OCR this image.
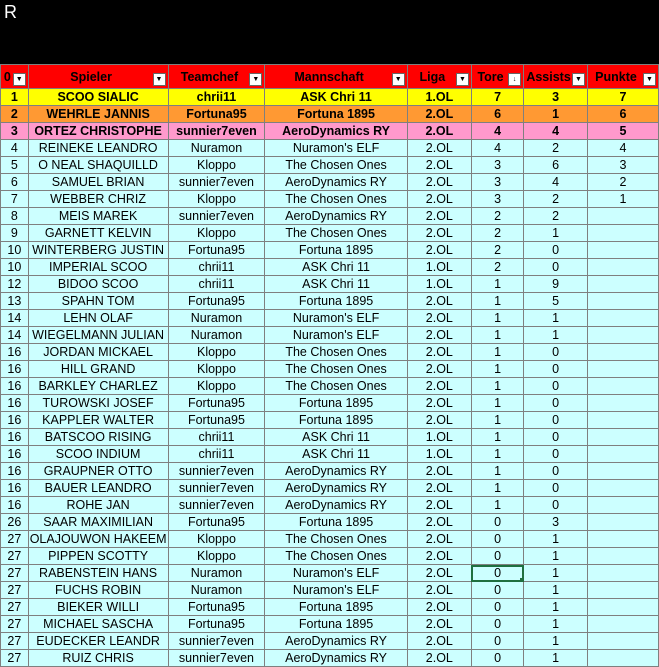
R
0 ▼	Spieler ▼	Teamchef ▼	Mannschaft ▼	Liga ▼	Tore ↓	Assists ▼	Punkte ▼

1	SCOO SIALIC	chrii11	ASK Chri 11	1.OL	7	3	7
2	WEHRLE JANNIS	Fortuna95	Fortuna 1895	2.OL	6	1	6
3	ORTEZ CHRISTOPHE	sunnier7even	AeroDynamics RY	2.OL	4	4	5
4	REINEKE LEANDRO	Nuramon	Nuramon's ELF	2.OL	4	2	4
5	O NEAL SHAQUILLD	Kloppo	The Chosen Ones	2.OL	3	6	3
6	SAMUEL BRIAN	sunnier7even	AeroDynamics RY	2.OL	3	4	2
7	WEBBER CHRIZ	Kloppo	The Chosen Ones	2.OL	3	2	1
8	MEIS MAREK	sunnier7even	AeroDynamics RY	2.OL	2	2	
9	GARNETT KELVIN	Kloppo	The Chosen Ones	2.OL	2	1	
10	WINTERBERG JUSTIN	Fortuna95	Fortuna 1895	2.OL	2	0	
10	IMPERIAL SCOO	chrii11	ASK Chri 11	1.OL	2	0	
12	BIDOO SCOO	chrii11	ASK Chri 11	1.OL	1	9	
13	SPAHN TOM	Fortuna95	Fortuna 1895	2.OL	1	5	
14	LEHN OLAF	Nuramon	Nuramon's ELF	2.OL	1	1	
14	WIEGELMANN JULIAN	Nuramon	Nuramon's ELF	2.OL	1	1	
16	JORDAN MICKAEL	Kloppo	The Chosen Ones	2.OL	1	0	
16	HILL GRAND	Kloppo	The Chosen Ones	2.OL	1	0	
16	BARKLEY CHARLEZ	Kloppo	The Chosen Ones	2.OL	1	0	
16	TUROWSKI JOSEF	Fortuna95	Fortuna 1895	2.OL	1	0	
16	KAPPLER WALTER	Fortuna95	Fortuna 1895	2.OL	1	0	
16	BATSCOO RISING	chrii11	ASK Chri 11	1.OL	1	0	
16	SCOO INDIUM	chrii11	ASK Chri 11	1.OL	1	0	
16	GRAUPNER OTTO	sunnier7even	AeroDynamics RY	2.OL	1	0	
16	BAUER LEANDRO	sunnier7even	AeroDynamics RY	2.OL	1	0	
16	ROHE JAN	sunnier7even	AeroDynamics RY	2.OL	1	0	
26	SAAR MAXIMILIAN	Fortuna95	Fortuna 1895	2.OL	0	3	
27	OLAJOUWON HAKEEM	Kloppo	The Chosen Ones	2.OL	0	1	
27	PIPPEN SCOTTY	Kloppo	The Chosen Ones	2.OL	0	1	
27	RABENSTEIN HANS	Nuramon	Nuramon's ELF	2.OL	0	1	
27	FUCHS ROBIN	Nuramon	Nuramon's ELF	2.OL	0	1	
27	BIEKER WILLI	Fortuna95	Fortuna 1895	2.OL	0	1	
27	MICHAEL SASCHA	Fortuna95	Fortuna 1895	2.OL	0	1	
27	EUDECKER LEANDR	sunnier7even	AeroDynamics RY	2.OL	0	1	
27	RUIZ CHRIS	sunnier7even	AeroDynamics RY	2.OL	0	1	
